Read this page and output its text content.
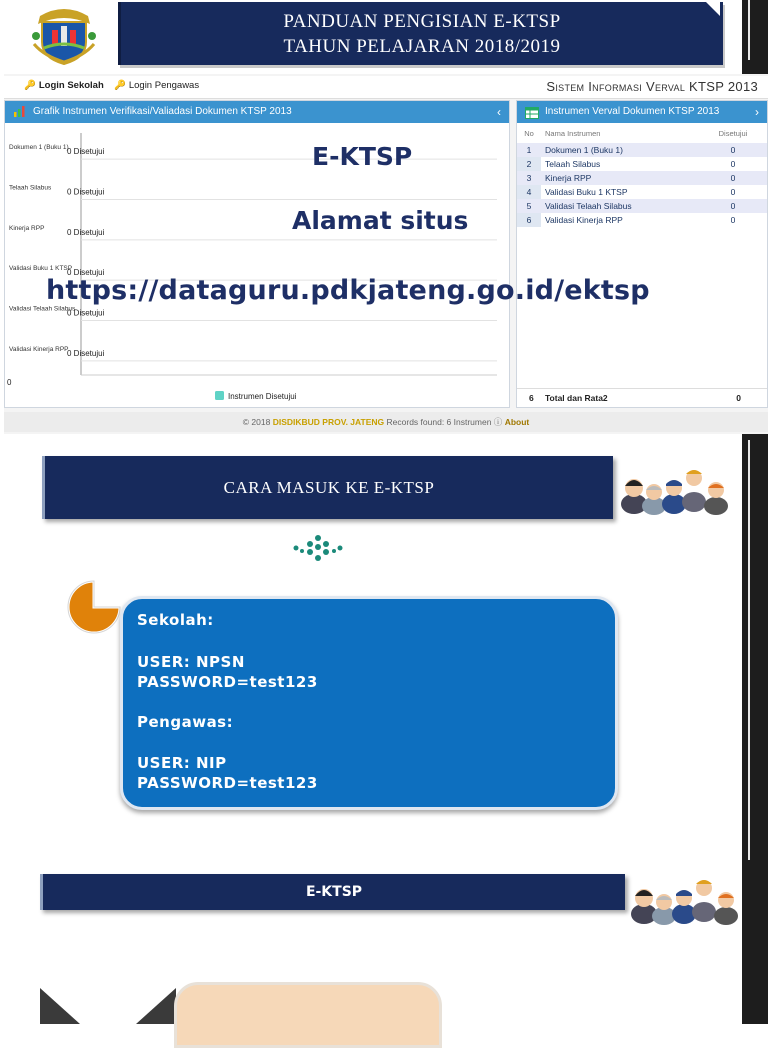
PANDUAN PENGISIAN E-KTSP
TAHUN PELAJARAN 2018/2019
🔑 Login Sekolah 🔑 Login Pengawas	Sistem Informasi Verval KTSP 2013
Grafik Instrumen Verifikasi/Valiadasi Dokumen KTSP 2013	‹
Dokumen 1 (Buku 1)
0 Disetujui
Telaah Silabus 0 Disetujui
Kinerja RPP	0 Disetujui
Validasi Buku 1 KTSP
0 Disetujui
Validasi Telaah Silabus
0 Disetujui
Validasi Kinerja RPP
0 Disetujui
0
Instrumen Disetujui
Instrumen Verval Dokumen KTSP 2013	›
No	Nama Instrumen	Disetujui
1	Dokumen 1 (Buku 1)	0
2	Telaah Silabus	0
3	Kinerja RPP	0
4	Validasi Buku 1 KTSP	0
5	Validasi Telaah Silabus	0
6	Validasi Kinerja RPP	0
6 Total dan Rata2	0
© 2018 DISDIKBUD PROV. JATENG Records found: 6 Instrumen ⓘ About
E-KTSP
Alamat situs
https://dataguru.pdkjateng.go.id/ektsp
CARA MASUK KE E-KTSP
Sekolah:
USER: NPSN
PASSWORD=test123
Pengawas:
USER: NIP
PASSWORD=test123
E-KTSP
